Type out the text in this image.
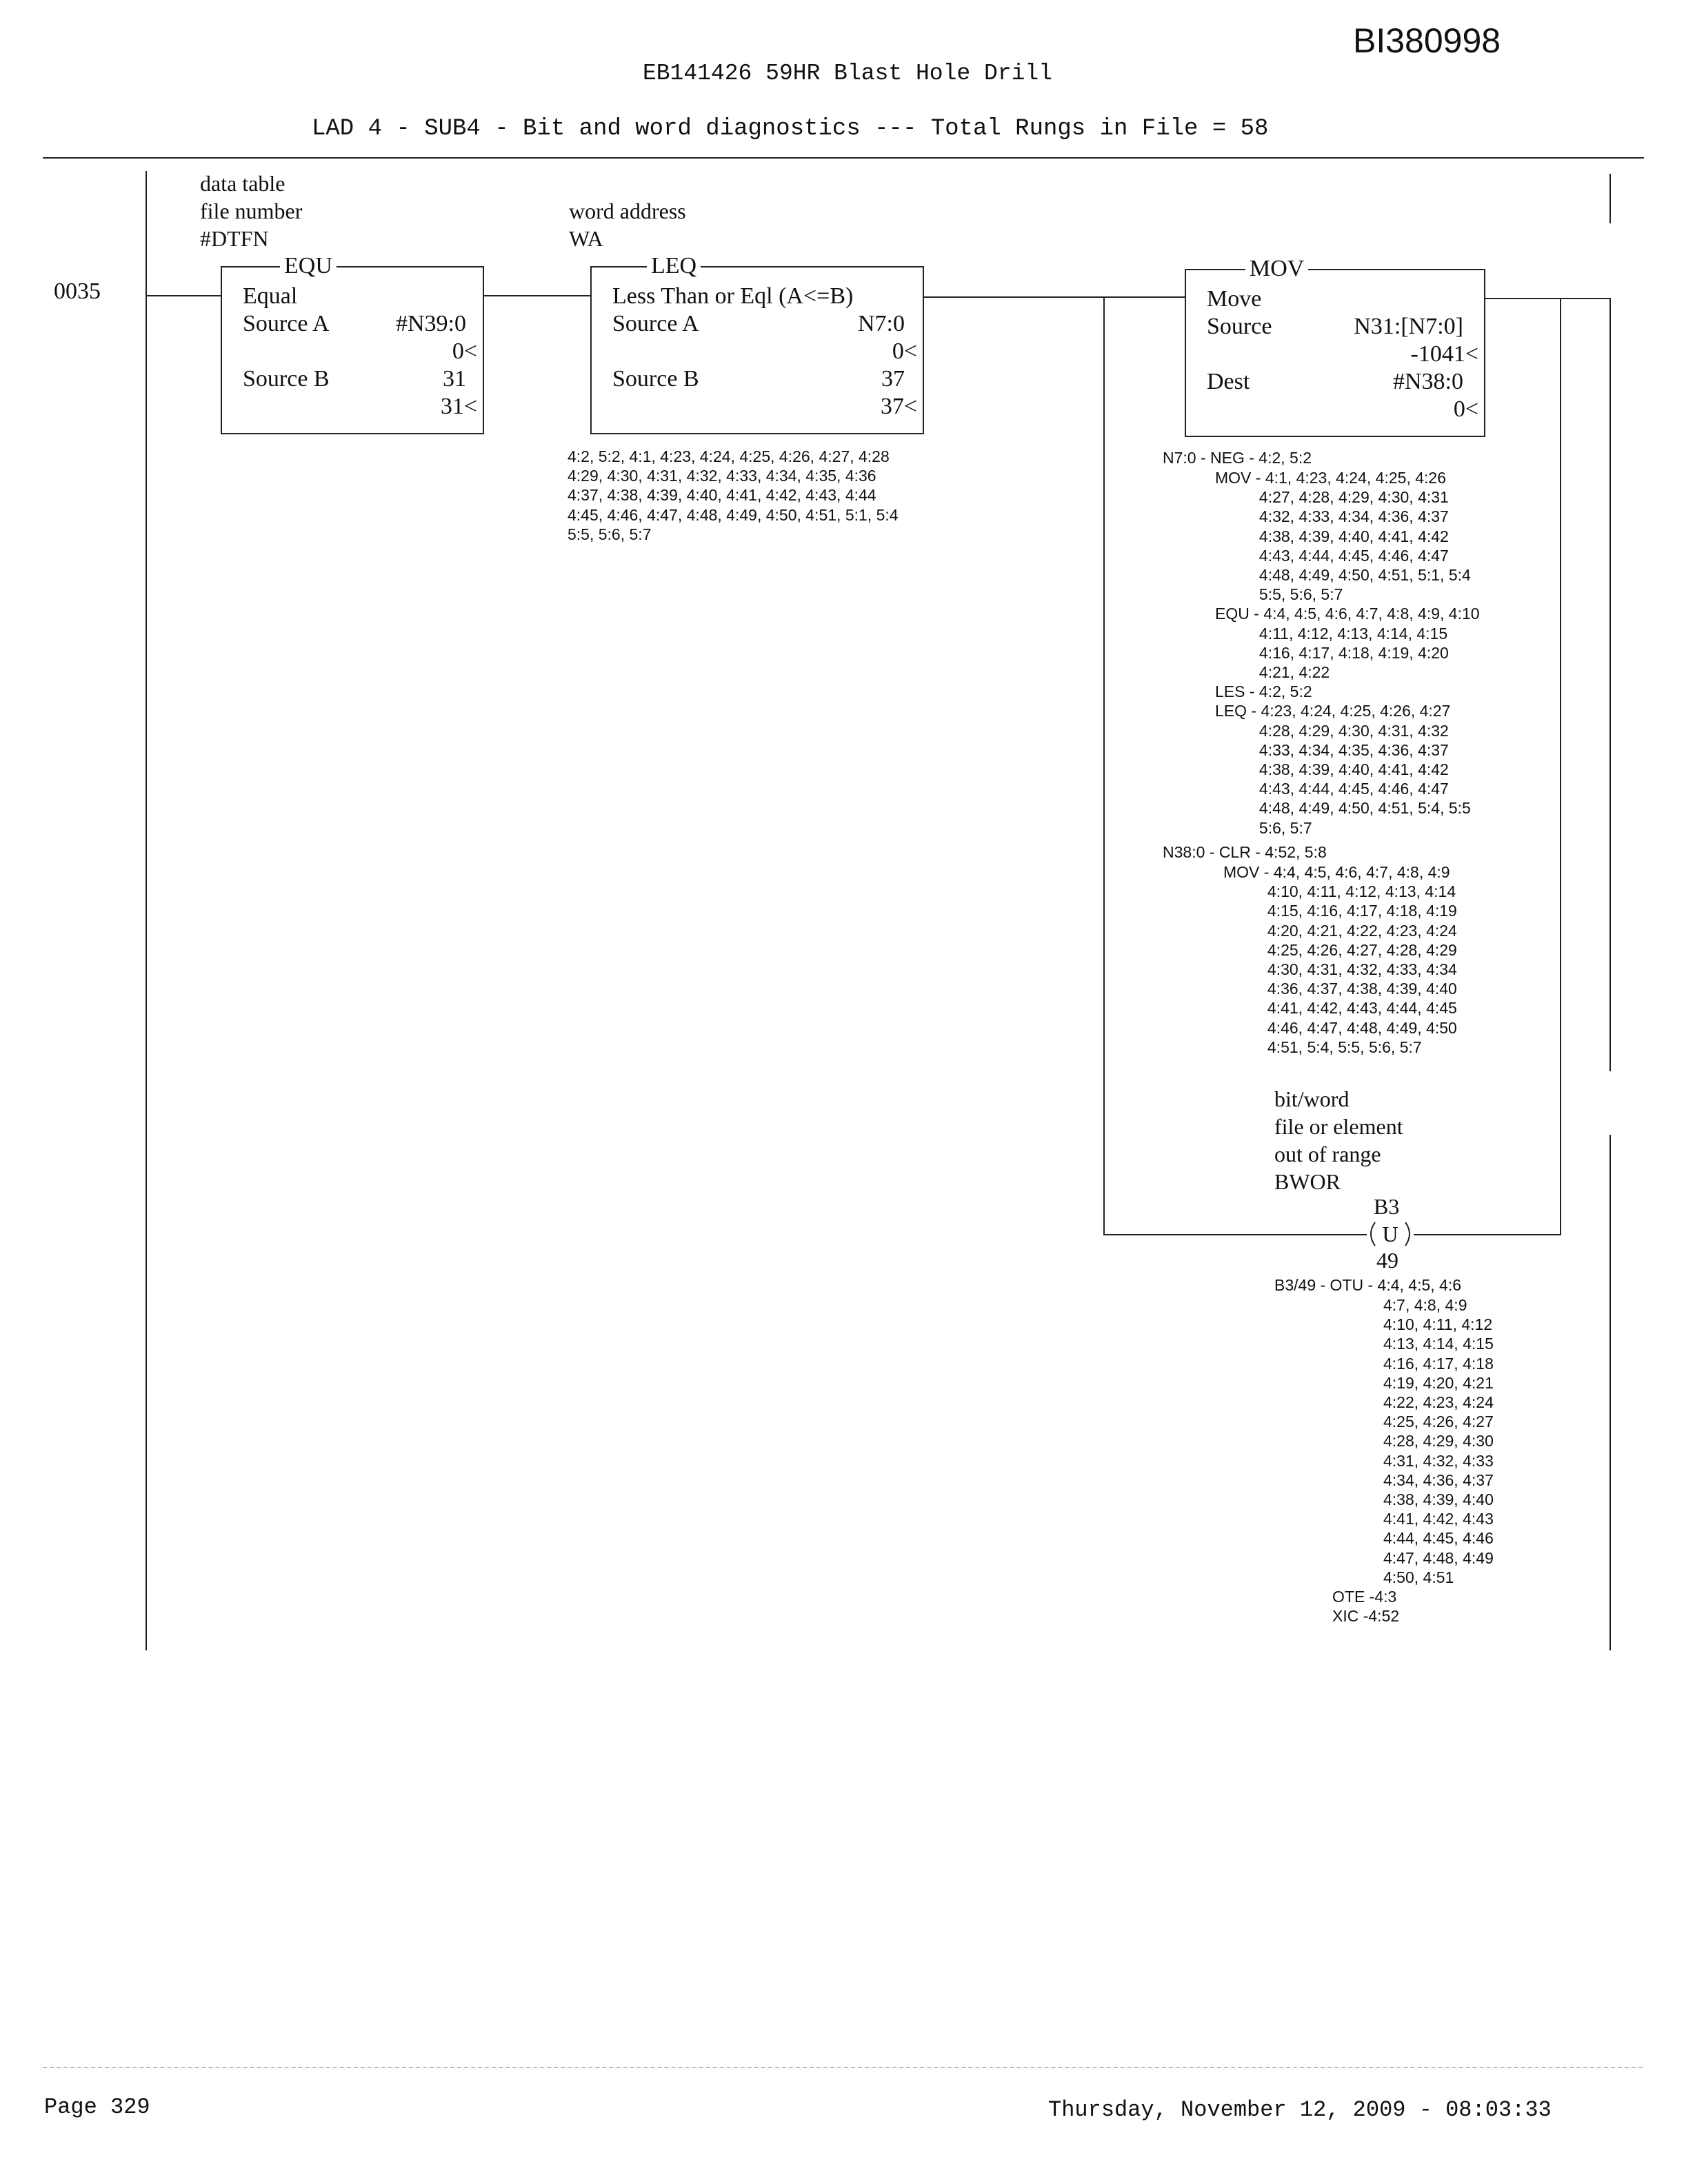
BI380998
EB141426 59HR Blast Hole Drill
LAD 4 - SUB4 - Bit and word diagnostics --- Total Rungs in File = 58
0035
data table
file number
#DTFN
EQU
Equal
Source A	#N39:0
0<
Source B	31
31<
word address
WA
LEQ
Less Than or Eql (A<=B)
Source A	N7:0
0<
Source B	37
37<
4:2, 5:2, 4:1, 4:23, 4:24, 4:25, 4:26, 4:27, 4:28
4:29, 4:30, 4:31, 4:32, 4:33, 4:34, 4:35, 4:36
4:37, 4:38, 4:39, 4:40, 4:41, 4:42, 4:43, 4:44
4:45, 4:46, 4:47, 4:48, 4:49, 4:50, 4:51, 5:1, 5:4
5:5, 5:6, 5:7
MOV
Move
Source	N31:[N7:0]
-1041<
Dest	#N38:0
0<
N7:0 - NEG - 4:2, 5:2
MOV - 4:1, 4:23, 4:24, 4:25, 4:26
4:27, 4:28, 4:29, 4:30, 4:31
4:32, 4:33, 4:34, 4:36, 4:37
4:38, 4:39, 4:40, 4:41, 4:42
4:43, 4:44, 4:45, 4:46, 4:47
4:48, 4:49, 4:50, 4:51, 5:1, 5:4
5:5, 5:6, 5:7
EQU - 4:4, 4:5, 4:6, 4:7, 4:8, 4:9, 4:10
4:11, 4:12, 4:13, 4:14, 4:15
4:16, 4:17, 4:18, 4:19, 4:20
4:21, 4:22
LES - 4:2, 5:2
LEQ - 4:23, 4:24, 4:25, 4:26, 4:27
4:28, 4:29, 4:30, 4:31, 4:32
4:33, 4:34, 4:35, 4:36, 4:37
4:38, 4:39, 4:40, 4:41, 4:42
4:43, 4:44, 4:45, 4:46, 4:47
4:48, 4:49, 4:50, 4:51, 5:4, 5:5
5:6, 5:7
N38:0 - CLR - 4:52, 5:8
MOV - 4:4, 4:5, 4:6, 4:7, 4:8, 4:9
4:10, 4:11, 4:12, 4:13, 4:14
4:15, 4:16, 4:17, 4:18, 4:19
4:20, 4:21, 4:22, 4:23, 4:24
4:25, 4:26, 4:27, 4:28, 4:29
4:30, 4:31, 4:32, 4:33, 4:34
4:36, 4:37, 4:38, 4:39, 4:40
4:41, 4:42, 4:43, 4:44, 4:45
4:46, 4:47, 4:48, 4:49, 4:50
4:51, 5:4, 5:5, 5:6, 5:7
bit/word
file or element
out of range
BWOR
B3
U
49
B3/49 - OTU - 4:4, 4:5, 4:6
4:7, 4:8, 4:9
4:10, 4:11, 4:12
4:13, 4:14, 4:15
4:16, 4:17, 4:18
4:19, 4:20, 4:21
4:22, 4:23, 4:24
4:25, 4:26, 4:27
4:28, 4:29, 4:30
4:31, 4:32, 4:33
4:34, 4:36, 4:37
4:38, 4:39, 4:40
4:41, 4:42, 4:43
4:44, 4:45, 4:46
4:47, 4:48, 4:49
4:50, 4:51
OTE -4:3
XIC -4:52
Page 329	Thursday, November 12, 2009 - 08:03:33
